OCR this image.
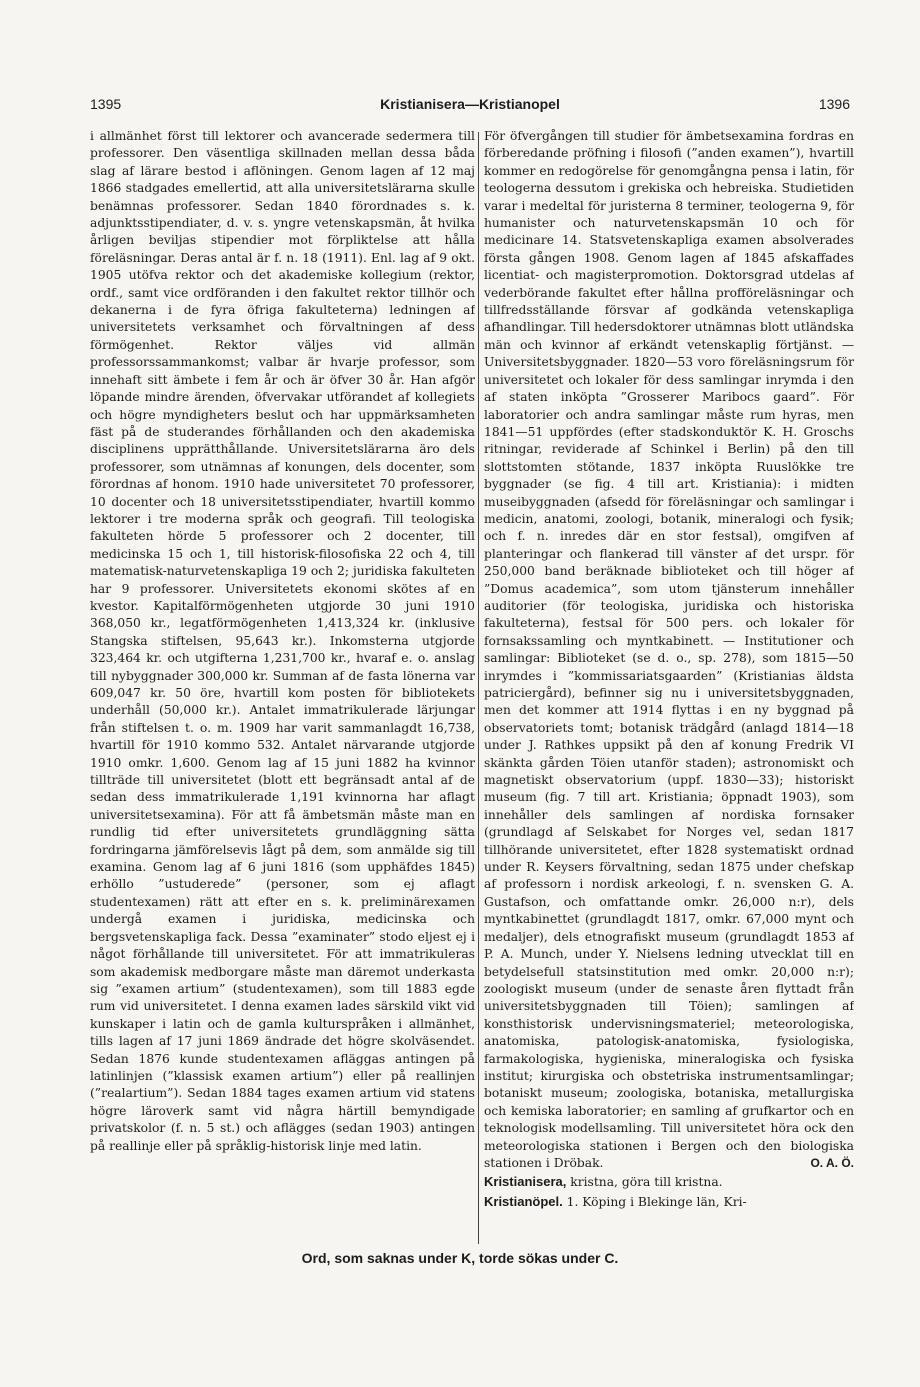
1395	Kristianisera—Kristianopel	1396

i allmänhet först till lektorer och avancerade sedermera till professorer. Den väsentliga skillnaden mellan dessa båda slag af lärare bestod i aflöningen. Genom lagen af 12 maj 1866 stadgades emellertid, att alla universitetslärarna skulle benämnas professorer. Sedan 1840 förordnades s. k. adjunktsstipendiater, d. v. s. yngre vetenskapsmän, åt hvilka årligen beviljas stipendier mot förpliktelse att hålla föreläsningar. Deras antal är f. n. 18 (1911). Enl. lag af 9 okt. 1905 utöfva rektor och det akademiske kollegium (rektor, ordf., samt vice ordföranden i den fakultet rektor tillhör och dekanerna i de fyra öfriga fakulteterna) ledningen af universitetets verksamhet och förvaltningen af dess förmögenhet. Rektor väljes vid allmän professorssammankomst; valbar är hvarje professor, som innehaft sitt ämbete i fem år och är öfver 30 år. Han afgör löpande mindre ärenden, öfvervakar utförandet af kollegiets och högre myndigheters beslut och har uppmärksamheten fäst på de studerandes förhållanden och den akademiska disciplinens upprätthållande. Universitetslärarna äro dels professorer, som utnämnas af konungen, dels docenter, som förordnas af honom. 1910 hade universitetet 70 professorer, 10 docenter och 18 universitetsstipendiater, hvartill kommo lektorer i tre moderna språk och geografi. Till teologiska fakulteten hörde 5 professorer och 2 docenter, till medicinska 15 och 1, till historisk-filosofiska 22 och 4, till matematisk-naturvetenskapliga 19 och 2; juridiska fakulteten har 9 professorer. Universitetets ekonomi skötes af en kvestor. Kapitalförmögenheten utgjorde 30 juni 1910 368,050 kr., legatförmögenheten 1,413,324 kr. (inklusive Stangska stiftelsen, 95,643 kr.). Inkomsterna utgjorde 323,464 kr. och utgifterna 1,231,700 kr., hvaraf e. o. anslag till nybyggnader 300,000 kr. Summan af de fasta lönerna var 609,047 kr. 50 öre, hvartill kom posten för bibliotekets underhåll (50,000 kr.). Antalet immatrikulerade lärjungar från stiftelsen t. o. m. 1909 har varit sammanlagdt 16,738, hvartill för 1910 kommo 532. Antalet närvarande utgjorde 1910 omkr. 1,600. Genom lag af 15 juni 1882 ha kvinnor tillträde till universitetet (blott ett begränsadt antal af de sedan dess immatrikulerade 1,191 kvinnorna har aflagt universitetsexamina). För att få ämbetsmän måste man en rundlig tid efter universitetets grundläggning sätta fordringarna jämförelsevis lågt på dem, som anmälde sig till examina. Genom lag af 6 juni 1816 (som upphäfdes 1845) erhöllo ”ustuderede” (personer, som ej aflagt studentexamen) rätt att efter en s. k. preliminärexamen undergå examen i juridiska, medicinska och bergsvetenskapliga fack. Dessa ”examinater” stodo eljest ej i något förhållande till universitetet. För att immatrikuleras som akademisk medborgare måste man däremot underkasta sig ”examen artium” (studentexamen), som till 1883 egde rum vid universitetet. I denna examen lades särskild vikt vid kunskaper i latin och de gamla kulturspråken i allmänhet, tills lagen af 17 juni 1869 ändrade det högre skolväsendet. Sedan 1876 kunde studentexamen afläggas antingen på latinlinjen (”klassisk examen artium”) eller på reallinjen (”realartium”). Sedan 1884 tages examen artium vid statens högre läroverk samt vid några härtill bemyndigade privatskolor (f. n. 5 st.) och aflägges (sedan 1903) antingen på reallinje eller på språklig-historisk linje med latin.

För öfvergången till studier för ämbetsexamina fordras en förberedande pröfning i filosofi (”anden examen”), hvartill kommer en redogörelse för genomgångna pensa i latin, för teologerna dessutom i grekiska och hebreiska. Studietiden varar i medeltal för juristerna 8 terminer, teologerna 9, för humanister och naturvetenskapsmän 10 och för medicinare 14. Statsvetenskapliga examen absolverades första gången 1908. Genom lagen af 1845 afskaffades licentiat- och magisterpromotion. Doktorsgrad utdelas af vederbörande fakultet efter hållna profföreläsningar och tillfredsställande försvar af godkända vetenskapliga afhandlingar. Till hedersdoktorer utnämnas blott utländska män och kvinnor af erkändt vetenskaplig förtjänst. — Universitetsbyggnader. 1820—53 voro föreläsningsrum för universitetet och lokaler för dess samlingar inrymda i den af staten inköpta ”Grosserer Maribocs gaard”. För laboratorier och andra samlingar måste rum hyras, men 1841—51 uppfördes (efter stadskonduktör K. H. Groschs ritningar, reviderade af Schinkel i Berlin) på den till slottstomten stötande, 1837 inköpta Ruuslökke tre byggnader (se fig. 4 till art. Kristiania): i midten museibyggnaden (afsedd för föreläsningar och samlingar i medicin, anatomi, zoologi, botanik, mineralogi och fysik; och f. n. inredes där en stor festsal), omgifven af planteringar och flankerad till vänster af det urspr. för 250,000 band beräknade biblioteket och till höger af ”Domus academica”, som utom tjänsterum innehåller auditorier (för teologiska, juridiska och historiska fakulteterna), festsal för 500 pers. och lokaler för fornsakssamling och myntkabinett. — Institutioner och samlingar: Biblioteket (se d. o., sp. 278), som 1815—50 inrymdes i ”kommissariatsgaarden” (Kristianias äldsta patriciergård), befinner sig nu i universitetsbyggnaden, men det kommer att 1914 flyttas i en ny byggnad på observatoriets tomt; botanisk trädgård (anlagd 1814—18 under J. Rathkes uppsikt på den af konung Fredrik VI skänkta gården Töien utanför staden); astronomiskt och magnetiskt observatorium (uppf. 1830—33); historiskt museum (fig. 7 till art. Kristiania; öppnadt 1903), som innehåller dels samlingen af nordiska fornsaker (grundlagd af Selskabet for Norges vel, sedan 1817 tillhörande universitetet, efter 1828 systematiskt ordnad under R. Keysers förvaltning, sedan 1875 under chefskap af professorn i nordisk arkeologi, f. n. svensken G. A. Gustafson, och omfattande omkr. 26,000 n:r), dels myntkabinettet (grundlagdt 1817, omkr. 67,000 mynt och medaljer), dels etnografiskt museum (grundlagdt 1853 af P. A. Munch, under Y. Nielsens ledning utvecklat till en betydelsefull statsinstitution med omkr. 20,000 n:r); zoologiskt museum (under de senaste åren flyttadt från universitetsbyggnaden till Töien); samlingen af konsthistorisk undervisningsmateriel; meteorologiska, anatomiska, patologisk-anatomiska, fysiologiska, farmakologiska, hygieniska, mineralogiska och fysiska institut; kirurgiska och obstetriska instrumentsamlingar; botaniskt museum; zoologiska, botaniska, metallurgiska och kemiska laboratorier; en samling af grufkartor och en teknologisk modellsamling. Till universitetet höra ock den meteorologiska stationen i Bergen och den biologiska stationen i Dröbak.	O. A. Ö.

Kristianisera, kristna, göra till kristna.

Kristianöpel. 1. Köping i Blekinge län, Kri-

Ord, som saknas under K, torde sökas under C.
